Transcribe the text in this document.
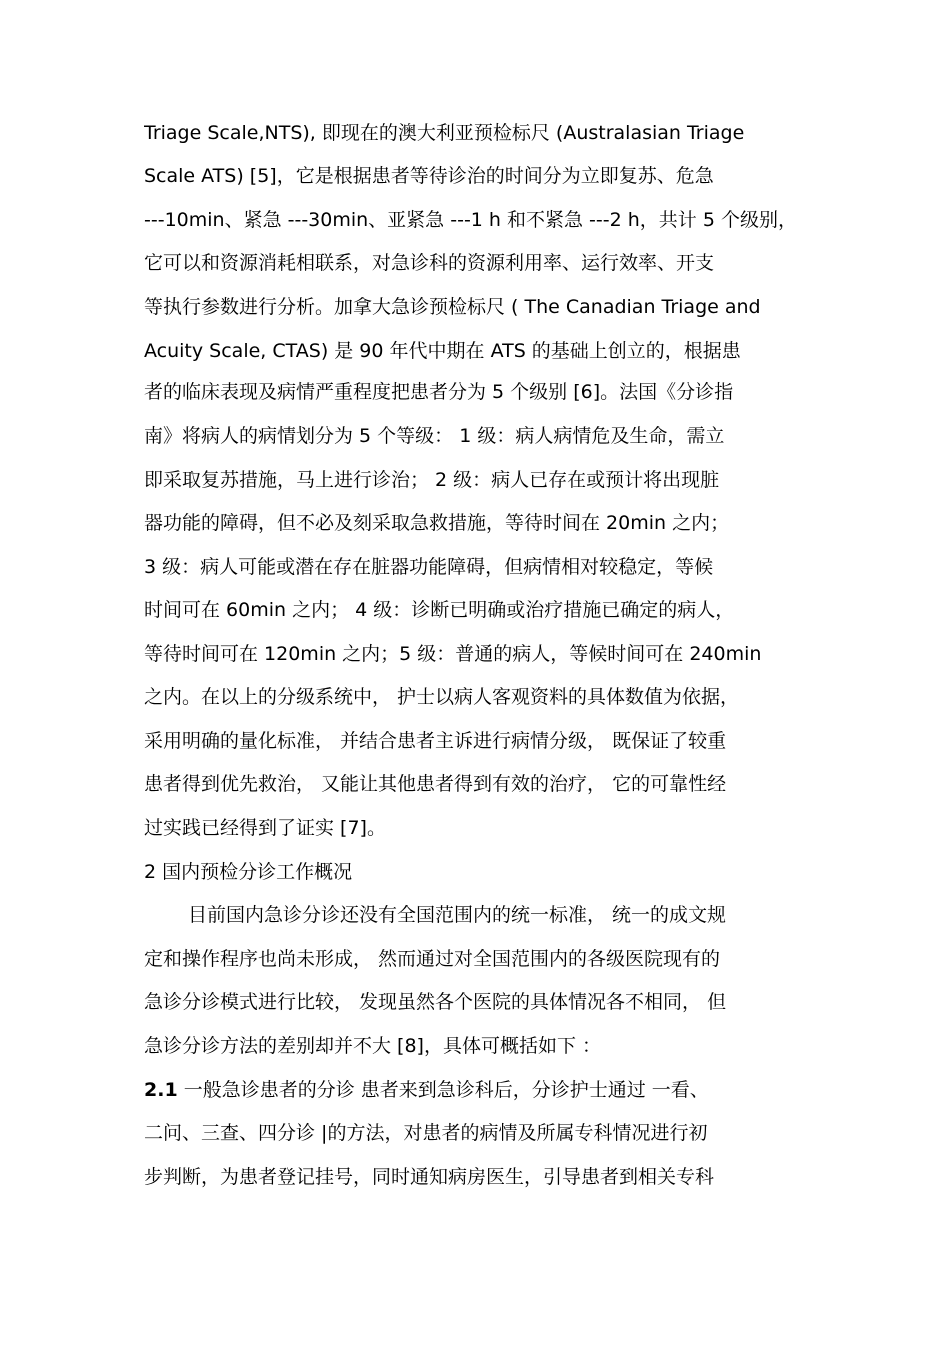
Triage Scale,NTS), 即现在的澳大利亚预检标尺 (Australasian Triage
Scale ATS) [5]，它是根据患者等待诊治的时间分为立即复苏、危急
---10min、紧急 ---30min、亚紧急 ---1 h 和不紧急 ---2 h，共计 5 个级别，
它可以和资源消耗相联系，对急诊科的资源利用率、运行效率、开支
等执行参数进行分析。加拿大急诊预检标尺 ( The Canadian Triage and
Acuity Scale, CTAS) 是 90 年代中期在 ATS 的基础上创立的，根据患
者的临床表现及病情严重程度把患者分为 5 个级别 [6]。法国《分诊指
南》将病人的病情划分为 5 个等级： 1 级：病人病情危及生命，需立
即采取复苏措施，马上进行诊治； 2 级：病人已存在或预计将出现脏
器功能的障碍，但不必及刻采取急救措施，等待时间在 20min 之内；
3 级：病人可能或潜在存在脏器功能障碍，但病情相对较稳定，等候
时间可在 60min 之内； 4 级：诊断已明确或治疗措施已确定的病人，
等待时间可在 120min 之内；5 级：普通的病人，等候时间可在 240min
之内。在以上的分级系统中， 护士以病人客观资料的具体数值为依据，
采用明确的量化标准， 并结合患者主诉进行病情分级， 既保证了较重
患者得到优先救治， 又能让其他患者得到有效的治疗， 它的可靠性经
过实践已经得到了证实 [7]。
2 国内预检分诊工作概况
目前国内急诊分诊还没有全国范围内的统一标准， 统一的成文规
定和操作程序也尚未形成， 然而通过对全国范围内的各级医院现有的
急诊分诊模式进行比较， 发现虽然各个医院的具体情况各不相同， 但
急诊分诊方法的差别却并不大 [8]，具体可概括如下 ：
2.1 一般急诊患者的分诊 患者来到急诊科后，分诊护士通过 一看、
二问、三查、四分诊 |的方法，对患者的病情及所属专科情况进行初
步判断，为患者登记挂号，同时通知病房医生，引导患者到相关专科
